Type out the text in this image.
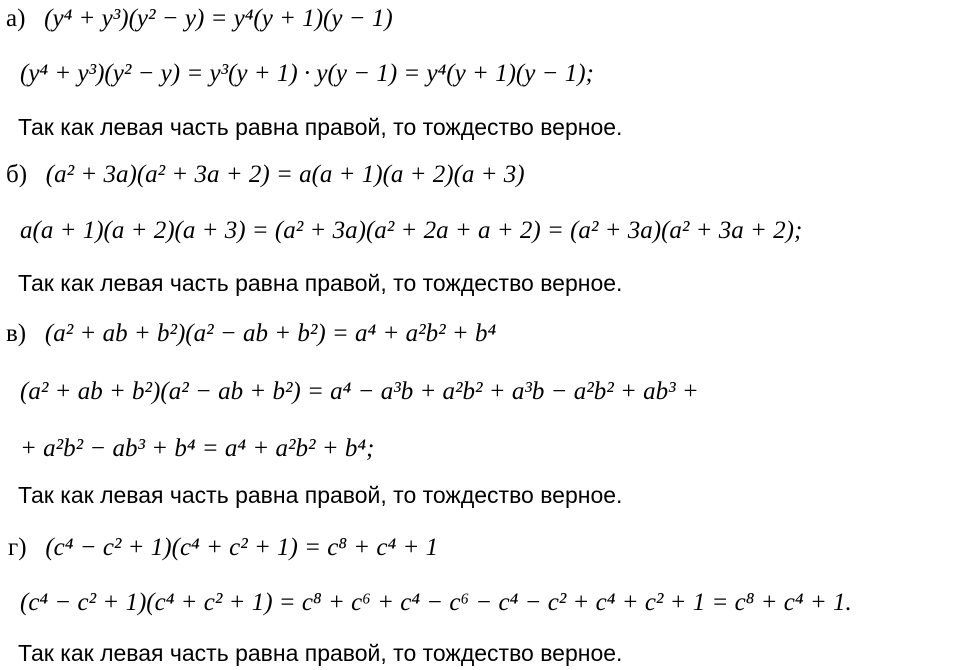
а) (y⁴ + y³)(y² − y) = y⁴(y + 1)(y − 1)
(y⁴ + y³)(y² − y) = y³(y + 1) · y(y − 1) = y⁴(y + 1)(y − 1);
Так как левая часть равна правой, то тождество верное.
б) (a² + 3a)(a² + 3a + 2) = a(a + 1)(a + 2)(a + 3)
a(a + 1)(a + 2)(a + 3) = (a² + 3a)(a² + 2a + a + 2) = (a² + 3a)(a² + 3a + 2);
Так как левая часть равна правой, то тождество верное.
в) (a² + ab + b²)(a² − ab + b²) = a⁴ + a²b² + b⁴
(a² + ab + b²)(a² − ab + b²) = a⁴ − a³b + a²b² + a³b − a²b² + ab³ +
+ a²b² − ab³ + b⁴ = a⁴ + a²b² + b⁴;
Так как левая часть равна правой, то тождество верное.
г) (c⁴ − c² + 1)(c⁴ + c² + 1) = c⁸ + c⁴ + 1
(c⁴ − c² + 1)(c⁴ + c² + 1) = c⁸ + c⁶ + c⁴ − c⁶ − c⁴ − c² + c⁴ + c² + 1 = c⁸ + c⁴ + 1.
Так как левая часть равна правой, то тождество верное.
